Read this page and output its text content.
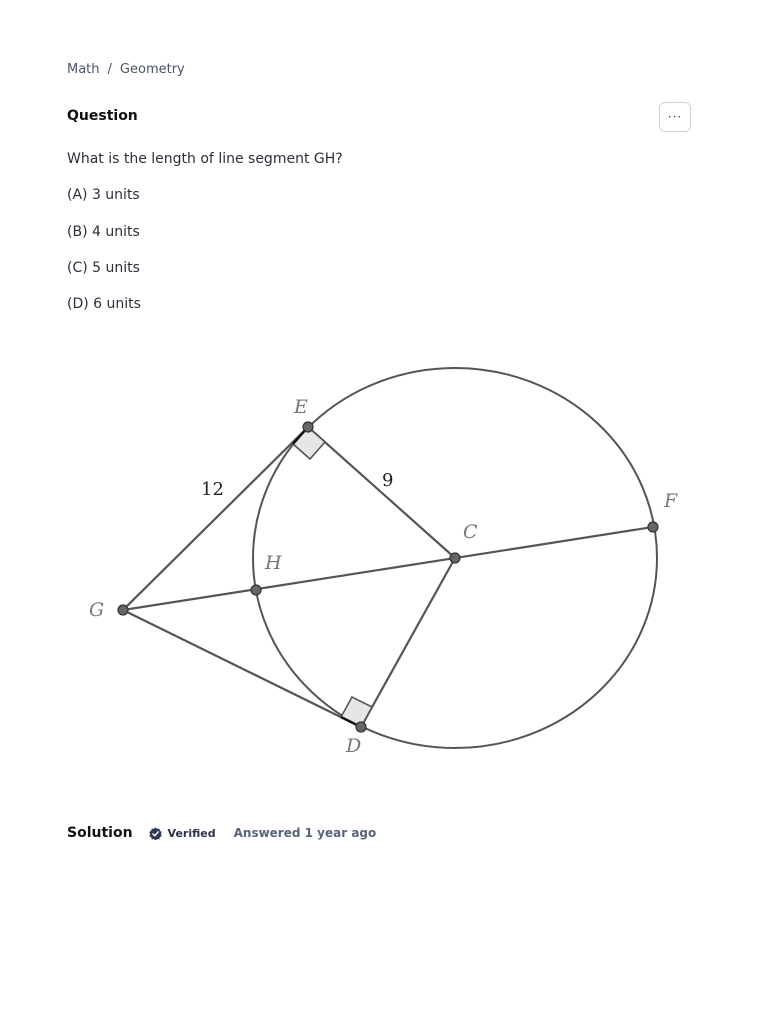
Math / Geometry
Question	···
What is the length of line segment GH?
(A) 3 units
(B) 4 units
(C) 5 units
(D) 6 units
E
F
C
H
G
D
12	9
Solution	Verified Answered 1 year ago
